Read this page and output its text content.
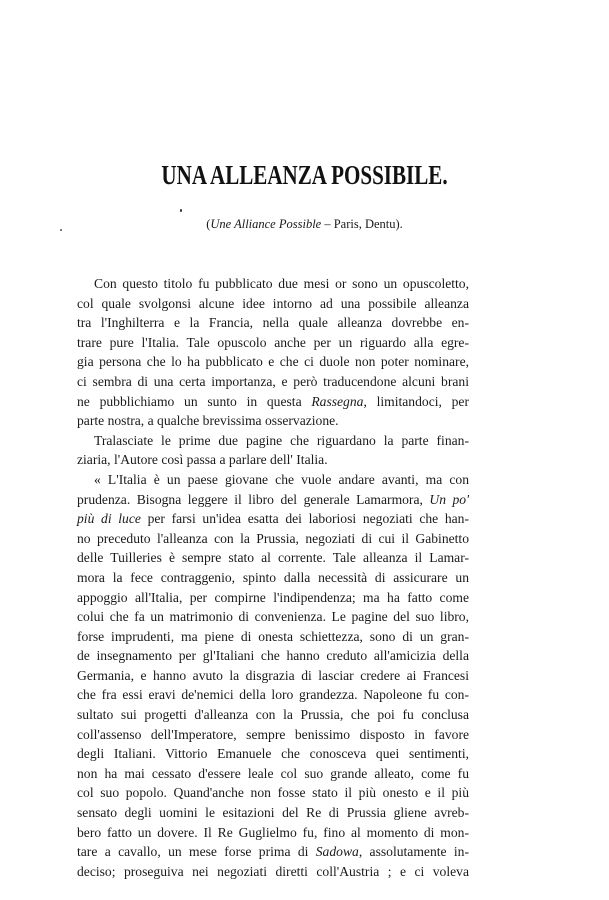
UNA ALLEANZA POSSIBILE.
(Une Alliance Possible – Paris, Dentu).
Con questo titolo fu pubblicato due mesi or sono un opuscoletto,
col quale svolgonsi alcune idee intorno ad una possibile alleanza
tra l'Inghilterra e la Francia, nella quale alleanza dovrebbe en-
trare pure l'Italia. Tale opuscolo anche per un riguardo alla egre-
gia persona che lo ha pubblicato e che ci duole non poter nominare,
ci sembra di una certa importanza, e però traducendone alcuni brani
ne pubblichiamo un sunto in questa Rassegna, limitandoci, per
parte nostra, a qualche brevissima osservazione.
Tralasciate le prime due pagine che riguardano la parte finan-
ziaria, l'Autore così passa a parlare dell' Italia.
« L'Italia è un paese giovane che vuole andare avanti, ma con
prudenza. Bisogna leggere il libro del generale Lamarmora, Un po'
più di luce per farsi un'idea esatta dei laboriosi negoziati che han-
no preceduto l'alleanza con la Prussia, negoziati di cui il Gabinetto
delle Tuilleries è sempre stato al corrente. Tale alleanza il Lamar-
mora la fece contraggenio, spinto dalla necessità di assicurare un
appoggio all'Italia, per compirne l'indipendenza; ma ha fatto come
colui che fa un matrimonio di convenienza. Le pagine del suo libro,
forse imprudenti, ma piene di onesta schiettezza, sono di un gran-
de insegnamento per gl'Italiani che hanno creduto all'amicizia della
Germania, e hanno avuto la disgrazia di lasciar credere ai Francesi
che fra essi eravi de'nemici della loro grandezza. Napoleone fu con-
sultato sui progetti d'alleanza con la Prussia, che poi fu conclusa
coll'assenso dell'Imperatore, sempre benissimo disposto in favore
degli Italiani. Vittorio Emanuele che conosceva quei sentimenti,
non ha mai cessato d'essere leale col suo grande alleato, come fu
col suo popolo. Quand'anche non fosse stato il più onesto e il più
sensato degli uomini le esitazioni del Re di Prussia gliene avreb-
bero fatto un dovere. Il Re Guglielmo fu, fino al momento di mon-
tare a cavallo, un mese forse prima di Sadowa, assolutamente in-
deciso; proseguiva nei negoziati diretti coll'Austria ; e ci voleva
